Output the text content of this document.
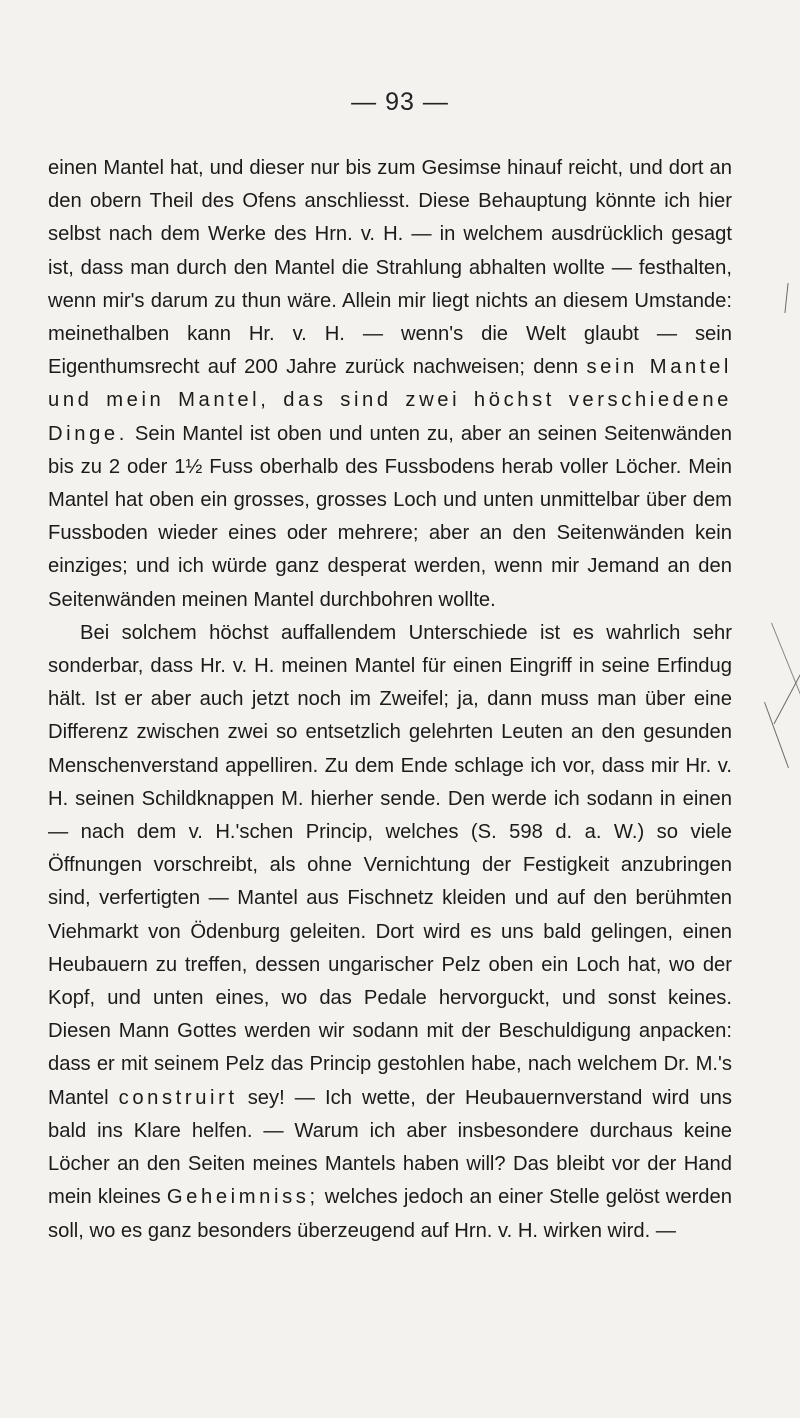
— 93 —

einen Mantel hat, und dieser nur bis zum Gesimse hinauf reicht, und dort an den obern Theil des Ofens anschliesst. Diese Behauptung könnte ich hier selbst nach dem Werke des Hrn. v. H. — in welchem ausdrücklich gesagt ist, dass man durch den Mantel die Strahlung abhalten wollte — festhalten, wenn mir's darum zu thun wäre. Allein mir liegt nichts an diesem Umstande: meinethalben kann Hr. v. H. — wenn's die Welt glaubt — sein Eigenthumsrecht auf 200 Jahre zurück nachweisen; denn sein Mantel und mein Mantel, das sind zwei höchst verschiedene Dinge. Sein Mantel ist oben und unten zu, aber an seinen Seitenwänden bis zu 2 oder 1½ Fuss oberhalb des Fussbodens herab voller Löcher. Mein Mantel hat oben ein grosses, grosses Loch und unten unmittelbar über dem Fussboden wieder eines oder mehrere; aber an den Seitenwänden kein einziges; und ich würde ganz desperat werden, wenn mir Jemand an den Seitenwänden meinen Mantel durchbohren wollte.

Bei solchem höchst auffallendem Unterschiede ist es wahrlich sehr sonderbar, dass Hr. v. H. meinen Mantel für einen Eingriff in seine Erfindug hält. Ist er aber auch jetzt noch im Zweifel; ja, dann muss man über eine Differenz zwischen zwei so entsetzlich gelehrten Leuten an den gesunden Menschenverstand appelliren. Zu dem Ende schlage ich vor, dass mir Hr. v. H. seinen Schildknappen M. hierher sende. Den werde ich sodann in einen — nach dem v. H.'schen Princip, welches (S. 598 d. a. W.) so viele Öffnungen vorschreibt, als ohne Vernichtung der Festigkeit anzubringen sind, verfertigten — Mantel aus Fischnetz kleiden und auf den berühmten Viehmarkt von Ödenburg geleiten. Dort wird es uns bald gelingen, einen Heubauern zu treffen, dessen ungarischer Pelz oben ein Loch hat, wo der Kopf, und unten eines, wo das Pedale hervorguckt, und sonst keines. Diesen Mann Gottes werden wir sodann mit der Beschuldigung anpacken: dass er mit seinem Pelz das Princip gestohlen habe, nach welchem Dr. M.'s Mantel construirt sey! — Ich wette, der Heubauernverstand wird uns bald ins Klare helfen. — Warum ich aber insbesondere durchaus keine Löcher an den Seiten meines Mantels haben will? Das bleibt vor der Hand mein kleines Geheimniss; welches jedoch an einer Stelle gelöst werden soll, wo es ganz besonders überzeugend auf Hrn. v. H. wirken wird. —
